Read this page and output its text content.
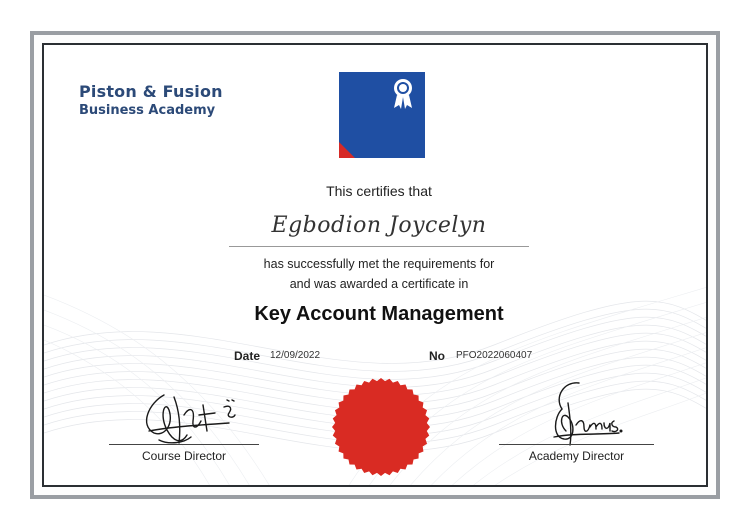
Piston & Fusion
Business Academy
This certifies that
Egbodion Joycelyn
has successfully met the requirements for
and was awarded a certificate in
Key Account Management
Date 12/09/2022	No PFO2022060407
Course Director	Academy Director
